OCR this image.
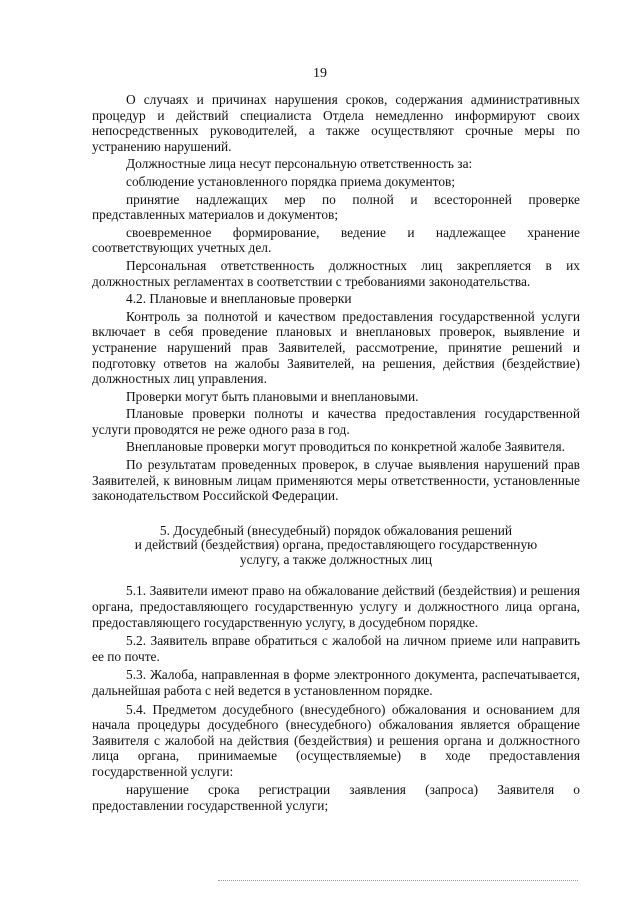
19

О случаях и причинах нарушения сроков, содержания административных процедур и действий специалиста Отдела немедленно информируют своих непосредственных руководителей, а также осуществляют срочные меры по устранению нарушений.

Должностные лица несут персональную ответственность за:

соблюдение установленного порядка приема документов;

принятие надлежащих мер по полной и всесторонней проверке представленных материалов и документов;

своевременное формирование, ведение и надлежащее хранение соответствующих учетных дел.

Персональная ответственность должностных лиц закрепляется в их должностных регламентах в соответствии с требованиями законодательства.

4.2. Плановые и внеплановые проверки

Контроль за полнотой и качеством предоставления государственной услуги включает в себя проведение плановых и внеплановых проверок, выявление и устранение нарушений прав Заявителей, рассмотрение, принятие решений и подготовку ответов на жалобы Заявителей, на решения, действия (бездействие) должностных лиц управления.

Проверки могут быть плановыми и внеплановыми.

Плановые проверки полноты и качества предоставления государственной услуги проводятся не реже одного раза в год.

Внеплановые проверки могут проводиться по конкретной жалобе Заявителя.

По результатам проведенных проверок, в случае выявления нарушений прав Заявителей, к виновным лицам применяются меры ответственности, установленные законодательством Российской Федерации.

5. Досудебный (внесудебный) порядок обжалования решений
и действий (бездействия) органа, предоставляющего государственную
услугу, а также должностных лиц

5.1. Заявители имеют право на обжалование действий (бездействия) и решения органа, предоставляющего государственную услугу и должностного лица органа, предоставляющего государственную услугу, в досудебном порядке.

5.2. Заявитель вправе обратиться с жалобой на личном приеме или направить ее по почте.

5.3. Жалоба, направленная в форме электронного документа, распечатывается, дальнейшая работа с ней ведется в установленном порядке.

5.4. Предметом досудебного (внесудебного) обжалования и основанием для начала процедуры досудебного (внесудебного) обжалования является обращение Заявителя с жалобой на действия (бездействия) и решения органа и должностного лица органа, принимаемые (осуществляемые) в ходе предоставления государственной услуги:

нарушение срока регистрации заявления (запроса) Заявителя о предоставлении государственной услуги;
